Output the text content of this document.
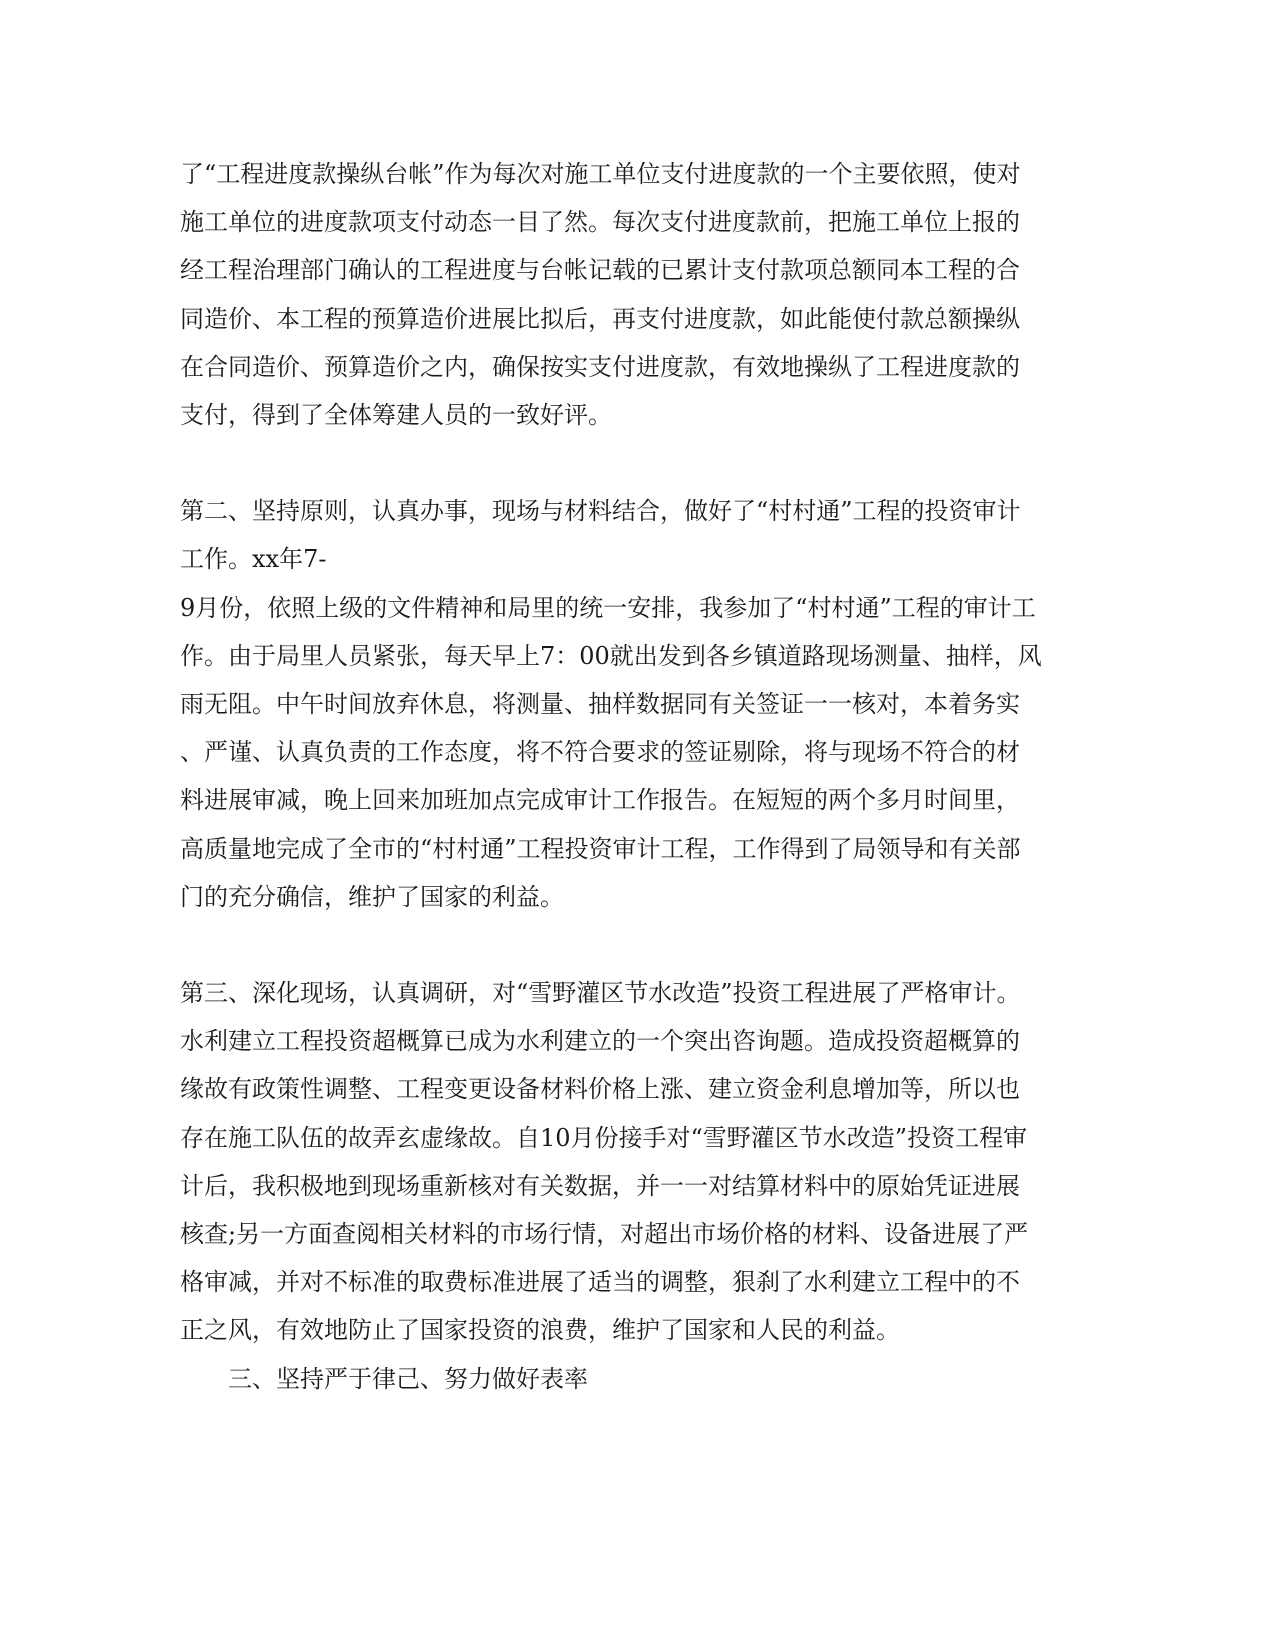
了“工程进度款操纵台帐”作为每次对施工单位支付进度款的一个主要依照，使对
施工单位的进度款项支付动态一目了然。每次支付进度款前，把施工单位上报的
经工程治理部门确认的工程进度与台帐记载的已累计支付款项总额同本工程的合
同造价、本工程的预算造价进展比拟后，再支付进度款，如此能使付款总额操纵
在合同造价、预算造价之内，确保按实支付进度款，有效地操纵了工程进度款的
支付，得到了全体筹建人员的一致好评。
第二、坚持原则，认真办事，现场与材料结合，做好了“村村通”工程的投资审计
工作。xx年7-
9月份，依照上级的文件精神和局里的统一安排，我参加了“村村通”工程的审计工
作。由于局里人员紧张，每天早上7：00就出发到各乡镇道路现场测量、抽样，风
雨无阻。中午时间放弃休息，将测量、抽样数据同有关签证一一核对，本着务实
、严谨、认真负责的工作态度，将不符合要求的签证剔除，将与现场不符合的材
料进展审减，晚上回来加班加点完成审计工作报告。在短短的两个多月时间里，
高质量地完成了全市的“村村通”工程投资审计工程，工作得到了局领导和有关部
门的充分确信，维护了国家的利益。
第三、深化现场，认真调研，对“雪野灌区节水改造”投资工程进展了严格审计。
水利建立工程投资超概算已成为水利建立的一个突出咨询题。造成投资超概算的
缘故有政策性调整、工程变更设备材料价格上涨、建立资金利息增加等，所以也
存在施工队伍的故弄玄虚缘故。自10月份接手对“雪野灌区节水改造”投资工程审
计后，我积极地到现场重新核对有关数据，并一一对结算材料中的原始凭证进展
核查;另一方面查阅相关材料的市场行情，对超出市场价格的材料、设备进展了严
格审减，并对不标准的取费标准进展了适当的调整，狠刹了水利建立工程中的不
正之风，有效地防止了国家投资的浪费，维护了国家和人民的利益。
三、坚持严于律己、努力做好表率
